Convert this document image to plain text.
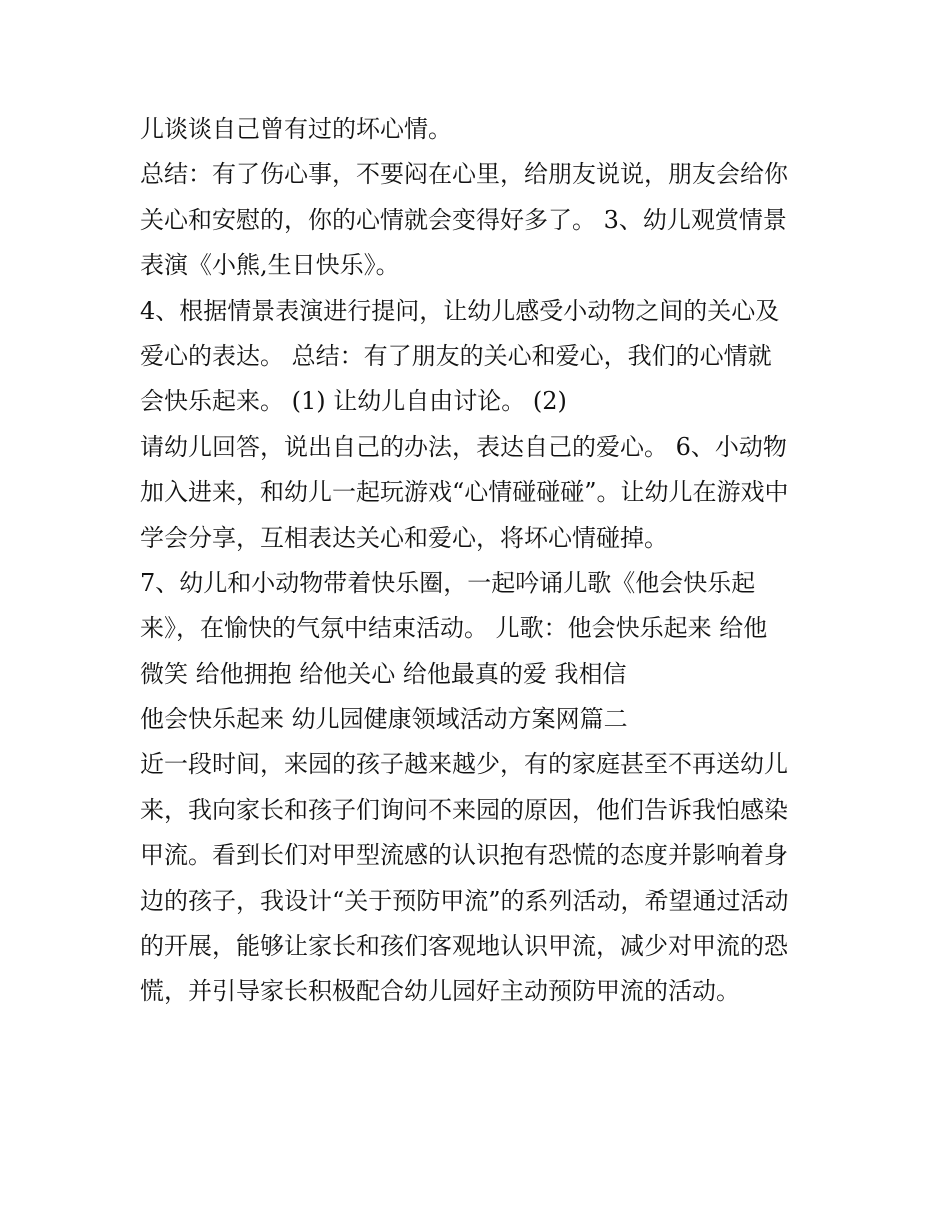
儿谈谈自己曾有过的坏心情。
总结：有了伤心事，不要闷在心里，给朋友说说，朋友会给你
关心和安慰的，你的心情就会变得好多了。 3、幼儿观赏情景
表演《小熊,生日快乐》。
4、根据情景表演进行提问，让幼儿感受小动物之间的关心及
爱心的表达。 总结：有了朋友的关心和爱心，我们的心情就
会快乐起来。 (1) 让幼儿自由讨论。 (2)
请幼儿回答，说出自己的办法，表达自己的爱心。 6、小动物
加入进来，和幼儿一起玩游戏“心情碰碰碰”。让幼儿在游戏中
学会分享，互相表达关心和爱心，将坏心情碰掉。
7、幼儿和小动物带着快乐圈，一起吟诵儿歌《他会快乐起
来》，在愉快的气氛中结束活动。 儿歌：他会快乐起来 给他
微笑 给他拥抱 给他关心 给他最真的爱 我相信
他会快乐起来 幼儿园健康领域活动方案网篇二
近一段时间，来园的孩子越来越少，有的家庭甚至不再送幼儿
来，我向家长和孩子们询问不来园的原因，他们告诉我怕感染
甲流。看到长们对甲型流感的认识抱有恐慌的态度并影响着身
边的孩子，我设计“关于预防甲流”的系列活动，希望通过活动
的开展，能够让家长和孩们客观地认识甲流，减少对甲流的恐
慌，并引导家长积极配合幼儿园好主动预防甲流的活动。
